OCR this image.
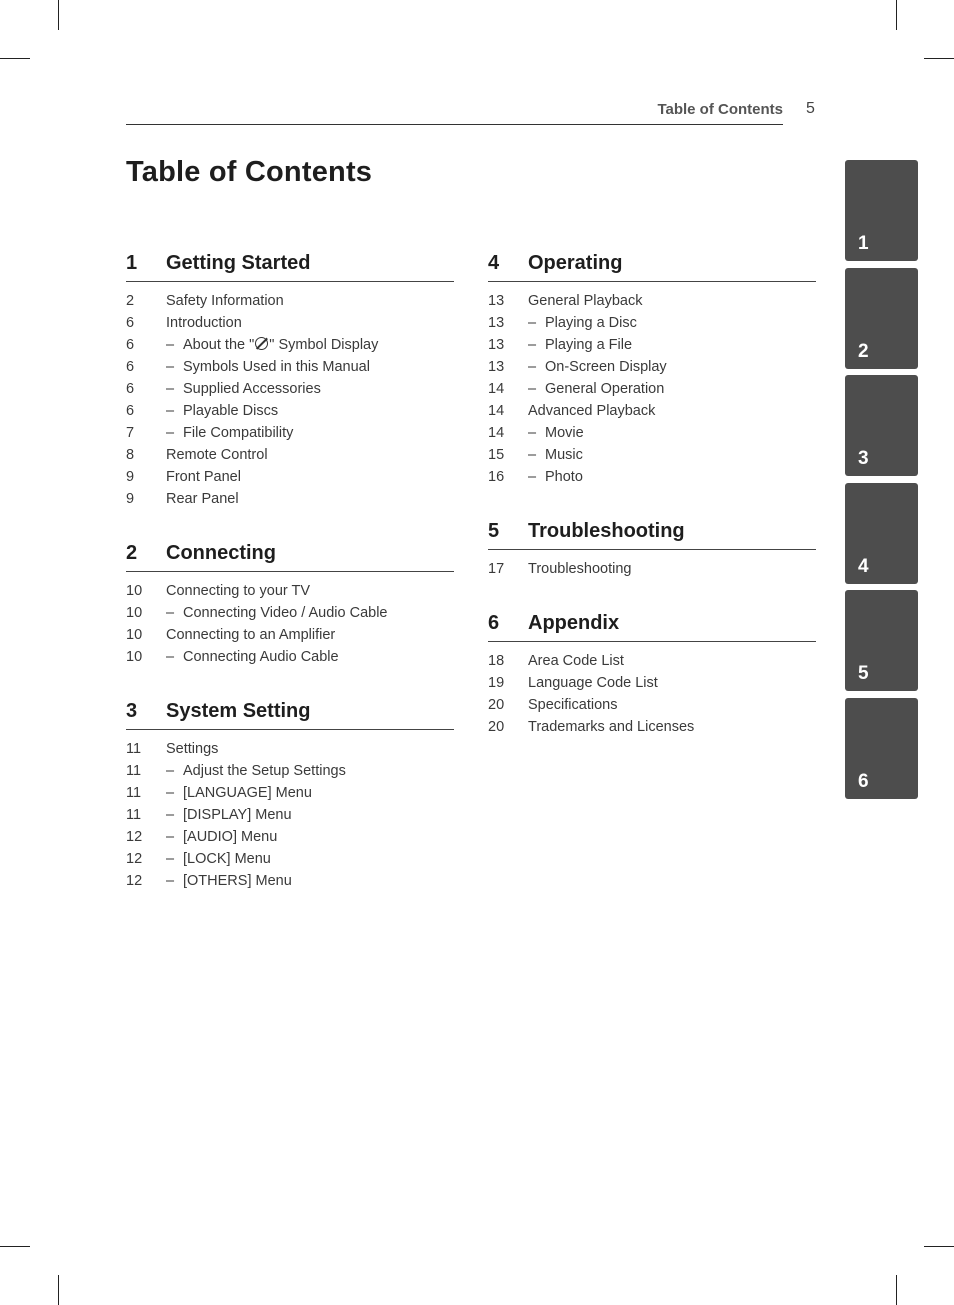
Table of Contents 5
Table of Contents
1	Getting Started
2	Safety Information
6	Introduction
6	– About the " " Symbol Display
6	– Symbols Used in this Manual
6	– Supplied Accessories
6	– Playable Discs
7	– File Compatibility
8	Remote Control
9	Front Panel
9	Rear Panel
2	Connecting
10	Connecting to your TV
10	– Connecting Video / Audio Cable
10	Connecting to an Amplifier
10	– Connecting Audio Cable
3	System Setting
11	Settings
11	– Adjust the Setup Settings
11	– [LANGUAGE] Menu
11	– [DISPLAY] Menu
12	– [AUDIO] Menu
12	– [LOCK] Menu
12	– [OTHERS] Menu
4	Operating
13	General Playback
13	– Playing a Disc
13	– Playing a File
13	– On-Screen Display
14	– General Operation
14	Advanced Playback
14	– Movie
15	– Music
16	– Photo
5	Troubleshooting
17	Troubleshooting
6	Appendix
18	Area Code List
19	Language Code List
20	Specifications
20	Trademarks and Licenses
1
2
3
4
5
6
